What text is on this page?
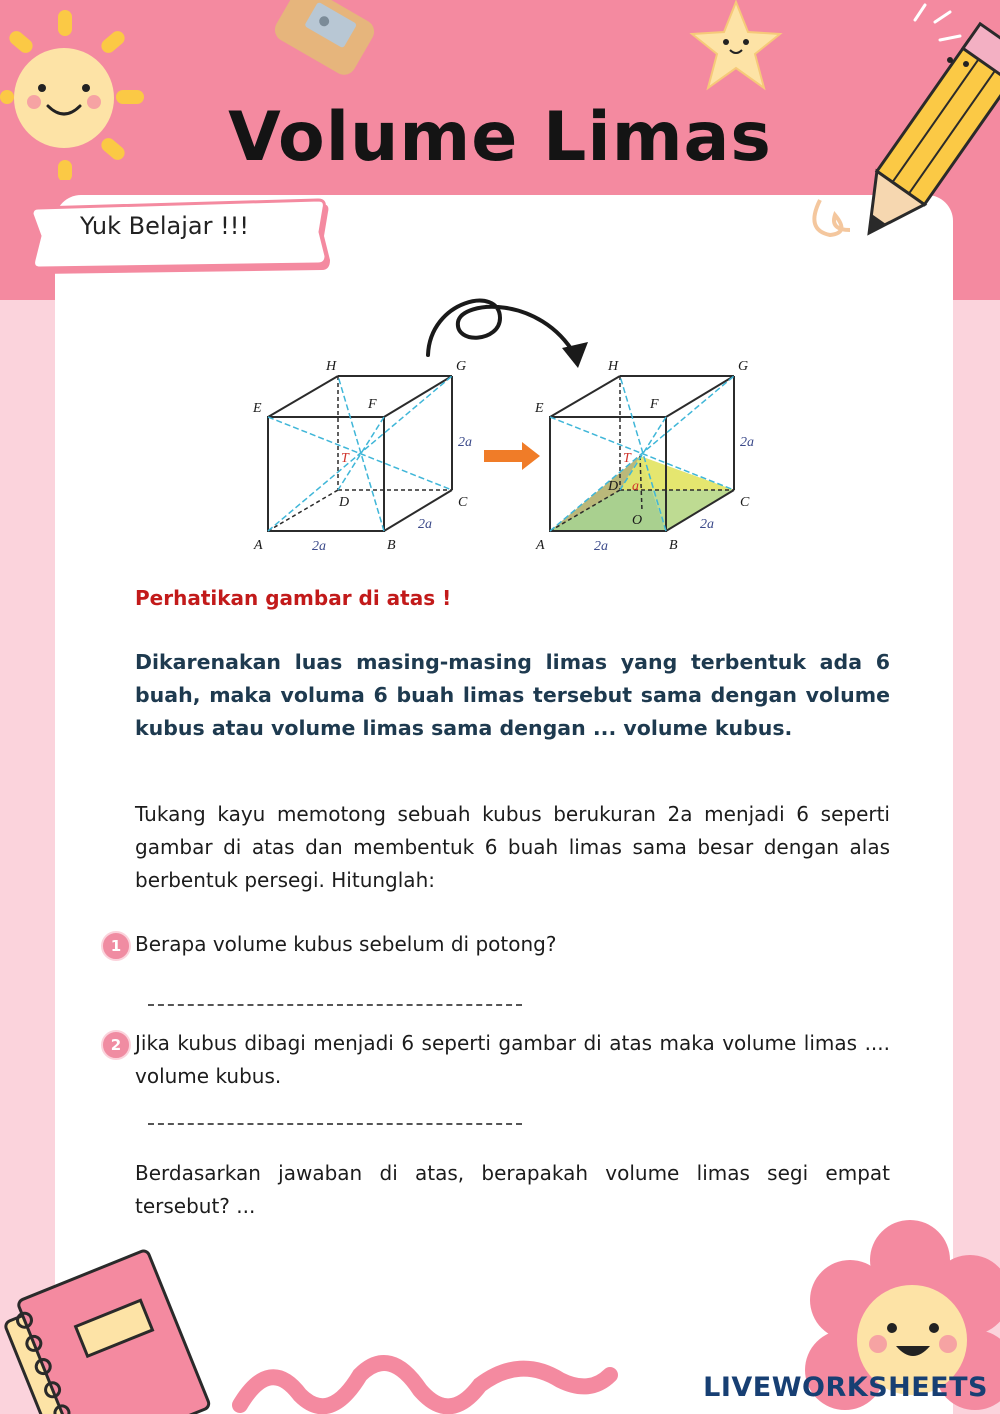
Volume Limas
Yuk Belajar !!!
H	G
E	F
T
D	C
A	B
2a
2a
2a
H	G
E	F
T
D a
O
C
A	B
2a
2a
2a
Perhatikan gambar di atas !
Dikarenakan luas masing-masing limas yang terbentuk ada 6 buah, maka voluma 6 buah limas tersebut sama dengan volume kubus atau volume limas sama dengan ... volume kubus.
Tukang kayu memotong sebuah kubus berukuran 2a menjadi 6 seperti gambar di atas dan membentuk 6 buah limas sama besar dengan alas berbentuk persegi. Hitunglah:
1 Berapa volume kubus sebelum di potong?
2 Jika kubus dibagi menjadi 6 seperti gambar di atas maka volume limas .... volume kubus.
Berdasarkan jawaban di atas, berapakah volume limas segi empat tersebut? ...
LIVEWORKSHEETS
